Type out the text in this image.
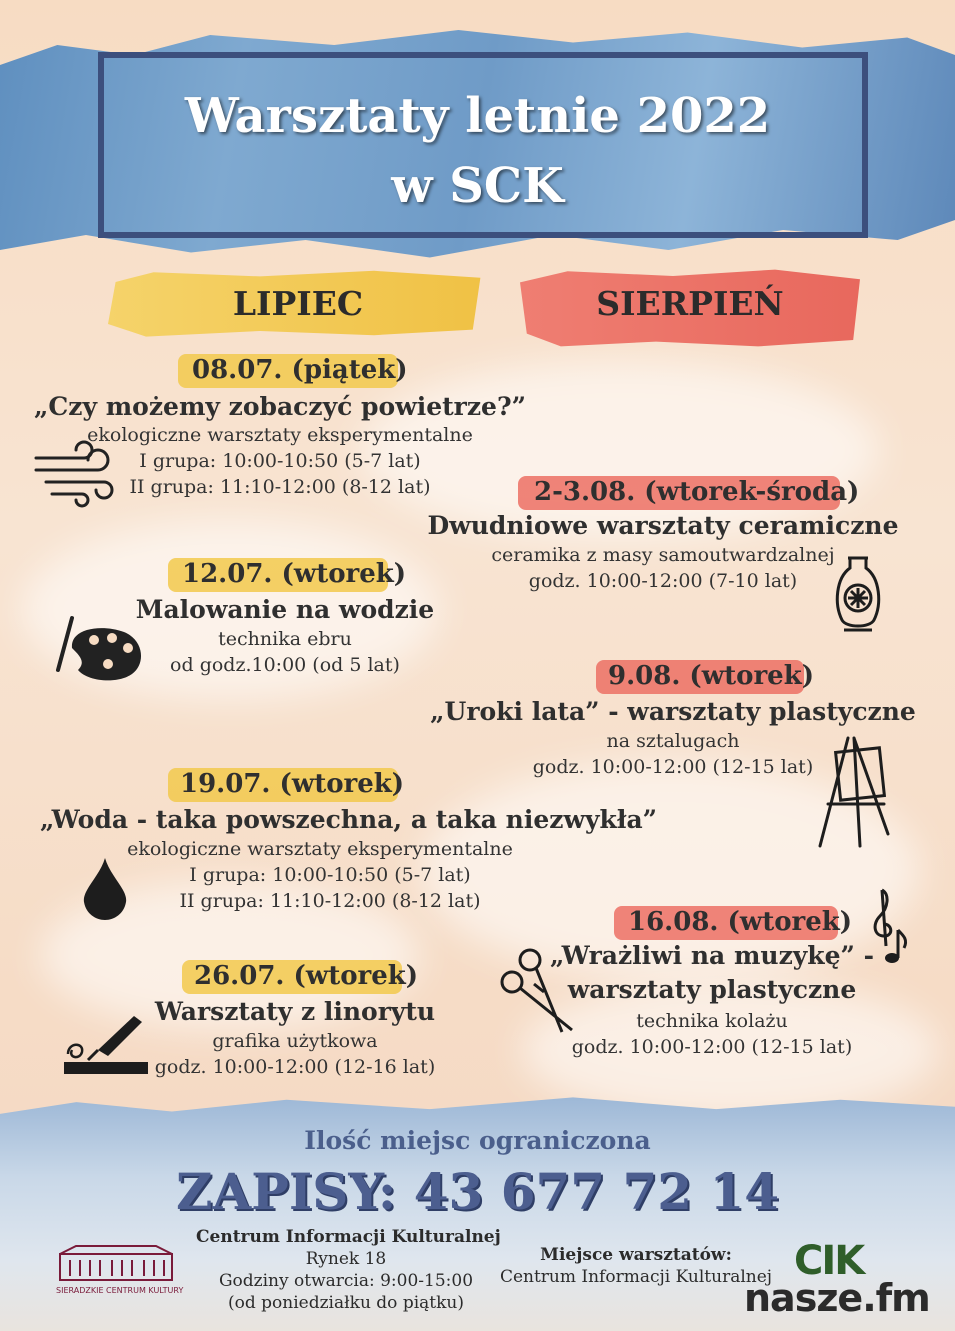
Warsztaty letnie 2022
w SCK
LIPIEC	SIERPIEŃ
08.07. (piątek)
„Czy możemy zobaczyć powietrze?”
ekologiczne warsztaty eksperymentalne
I grupa: 10:00-10:50 (5-7 lat)
II grupa: 11:10-12:00 (8-12 lat)
12.07. (wtorek)
Malowanie na wodzie
technika ebru
od godz.10:00 (od 5 lat)
19.07. (wtorek)
„Woda - taka powszechna, a taka niezwykła”
ekologiczne warsztaty eksperymentalne
I grupa: 10:00-10:50 (5-7 lat)
II grupa: 11:10-12:00 (8-12 lat)
26.07. (wtorek)
Warsztaty z linorytu
grafika użytkowa
godz. 10:00-12:00 (12-16 lat)
2-3.08. (wtorek-środa)
Dwudniowe warsztaty ceramiczne
ceramika z masy samoutwardzalnej
godz. 10:00-12:00 (7-10 lat)
9.08. (wtorek)
„Uroki lata” - warsztaty plastyczne
na sztalugach
godz. 10:00-12:00 (12-15 lat)
16.08. (wtorek)
„Wrażliwi na muzykę” -
warsztaty plastyczne
technika kolażu
godz. 10:00-12:00 (12-15 lat)
Ilość miejsc ograniczona
ZAPISY: 43 677 72 14
Centrum Informacji Kulturalnej
Rynek 18
Godziny otwarcia: 9:00-15:00
(od poniedziałku do piątku)
Miejsce warsztatów:
Centrum Informacji Kulturalnej
SIERADZKIE CENTRUM KULTURY
CIK
nasze.fm
